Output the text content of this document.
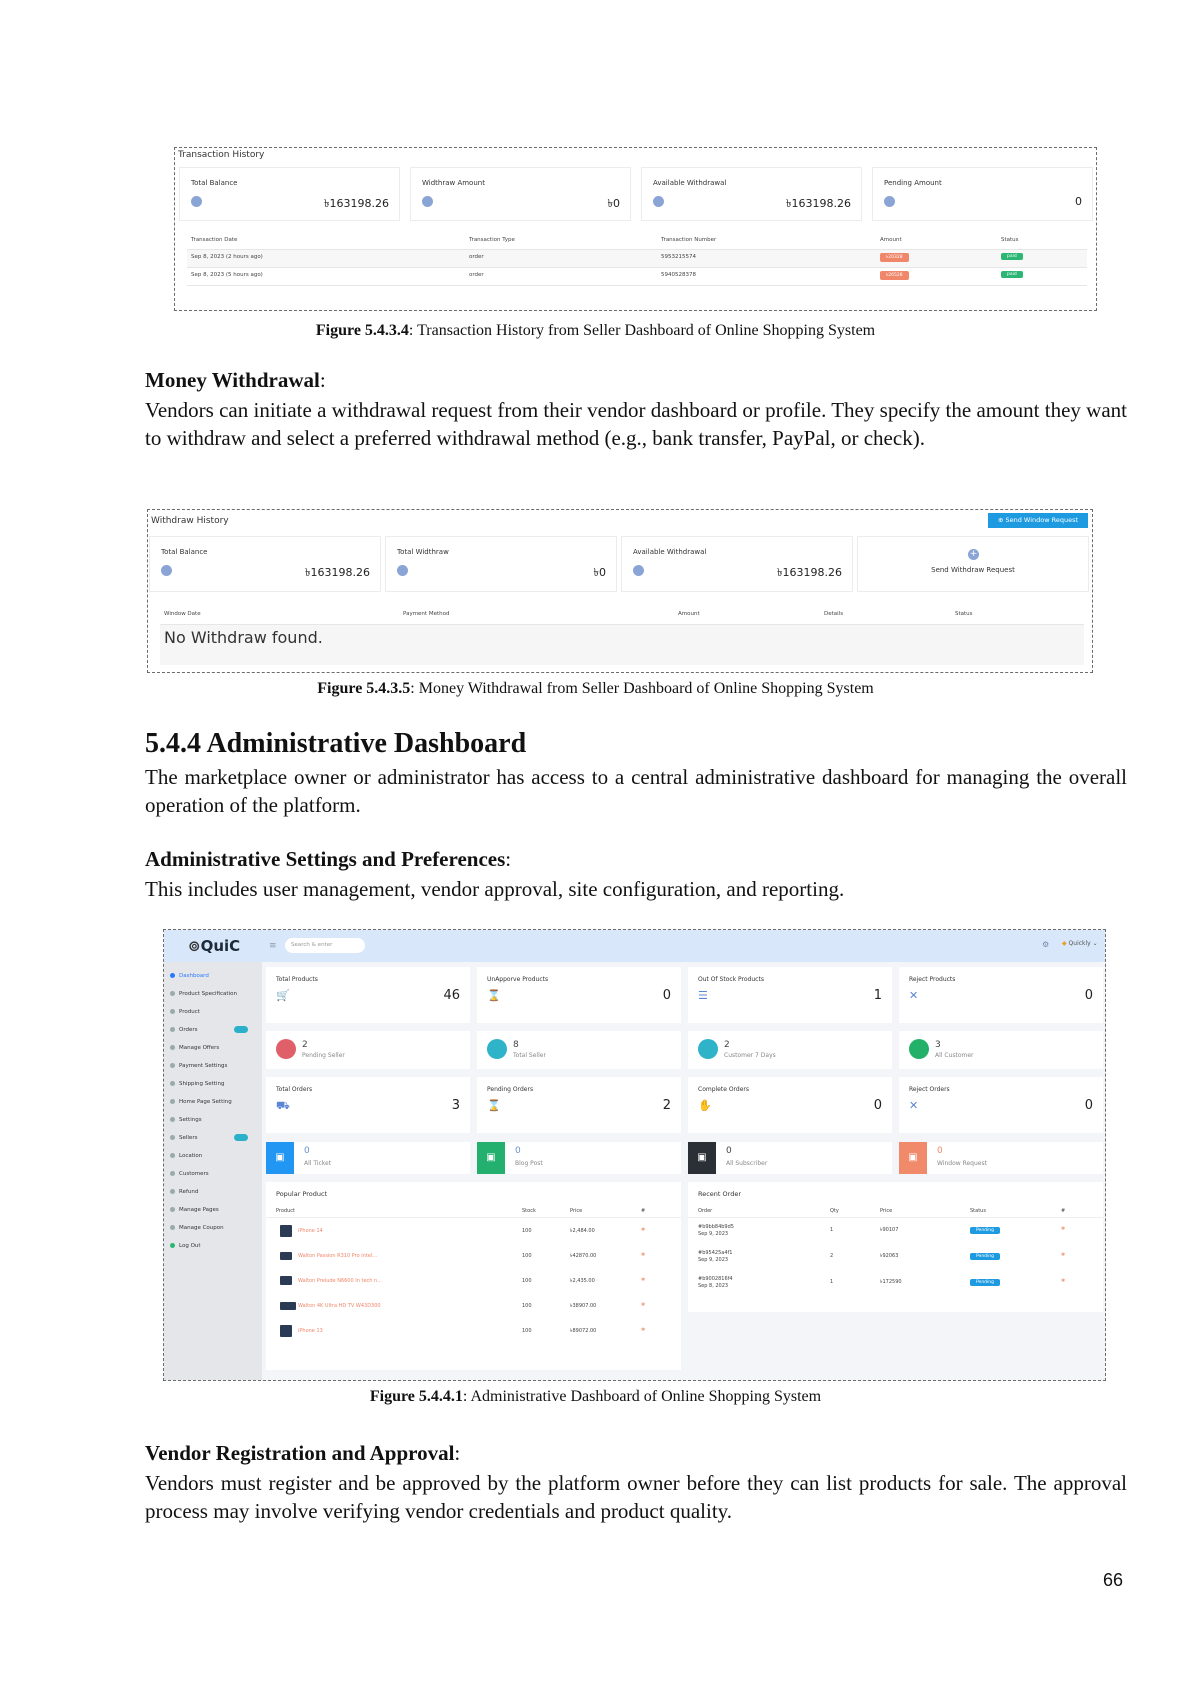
Transaction History
Total Balance
৳163198.26
Widthraw Amount
৳0
Available Withdrawal
৳163198.26
Pending Amount
0
Transaction Date	Transaction Type	Transaction Number	Amount	Status
Sep 8, 2023 (2 hours ago)	order	5953215574	৳20328	paid
Sep 8, 2023 (5 hours ago)	order	5940528378	৳26528	paid
Figure 5.4.3.4: Transaction History from Seller Dashboard of Online Shopping System
Money Withdrawal:

Vendors can initiate a withdrawal request from their vendor dashboard or profile. They specify the amount they want to withdraw and select a preferred withdrawal method (e.g., bank transfer, PayPal, or check).

Withdraw History	⊕ Send Window Request
Total Balance
৳163198.26
Total Widthraw
৳0
Available Withdrawal
৳163198.26
+
Send Withdraw Request
Window Date	Payment Method	Amount	Details	Status
No Withdraw found.
Figure 5.4.3.5: Money Withdrawal from Seller Dashboard of Online Shopping System
5.4.4 Administrative Dashboard

The marketplace owner or administrator has access to a central administrative dashboard for managing the overall operation of the platform.

Administrative Settings and Preferences:

This includes user management, vendor approval, site configuration, and reporting.

⊚QuiC	≡	Search & enter	⚙ ◆ Quickly ⌄
Dashboard
Product Specification
Product
Orders
Manage Offers
Payment Settings
Shipping Setting
Home Page Setting
Settings
Sellers
Location
Customers
Refund
Manage Pages
Manage Coupon
Log Out
Total Products
🛒	46
UnApporve Products
⌛	0
Out Of Stock Products
☰	1
Reject Products
✕	0
2
Pending Seller
8
Total Seller
2
Customer 7 Days
3
All Customer
Total Orders
⛟	3
Pending Orders
⌛	2
Complete Orders
✋	0
Reject Orders
✕	0
▣
0
All Ticket
▣
0
Blog Post
▣
0
All Subscriber
▣
0
Window Request
Popular Product
Product	Stock	Price	#
iPhone 14	100	৳2,484.00	✱
Walton Passion R310 Pro intel...	100	৳42870.00	✱
Walton Prelude N6600 In tech n...	100	৳2,435.00	✱
Walton 4K Ultra HD TV W43D300	100	৳38907.00	✱
iPhone 13	100	৳89072.00	✱
Recent Order
Order	Qty	Price	Status	#
#b9bb84b9d5
Sep 9, 2023
1	৳90107	Pending	✱
#b95425a4f1
Sep 9, 2023
2	৳92063	Pending	✱
#b9002816f4
Sep 8, 2023
1	৳172590	Pending	✱
Figure 5.4.4.1: Administrative Dashboard of Online Shopping System
Vendor Registration and Approval:

Vendors must register and be approved by the platform owner before they can list products for sale. The approval process may involve verifying vendor credentials and product quality.

66
